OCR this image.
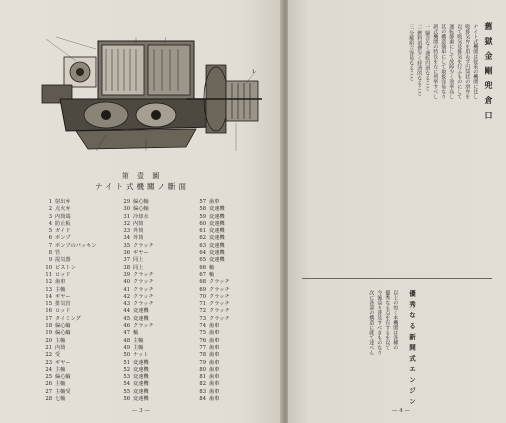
1
第 壹 圖
ナイト式機關ノ斷面
1 射出弁
2 点火弁
3 内筒端
4 防止板
5 ガイド
6 ポンプ
7 ポンプのパッキン
8 管
9 混気器
10 ピストン
11 ロッド
12 歯車
13 主軸
14 ギヤー
15 排気管
16 ロッド
17 タイミング
18 偏心輪
19 偏心輪
20 主軸
21 内筒
22 受
23 ギヤー
24 主軸
25 偏心輪
26 主軸
27 主軸受
28 七軸
29 偏心軸
30 偏心軸
31 冷却水
32 内筒
33 外筒
34 外筒
35 クラッチ
36 ギヤー
37 同上
38 同上
39 クラッチ
40 クラッチ
41 クラッチ
42 クラッチ
43 クラッチ
44 変速機
45 変速機
46 クラッチ
47 軸
48 主軸
49 主軸
50 ナット
51 変速機
52 変速機
53 変速機
54 変速機
55 変速機
56 変速機
57 歯車
58 変速機
59 変速機
60 変速機
61 変速機
62 変速機
63 変速機
64 変速機
65 変速機
66 軸
67 軸
68 クラッチ
69 クラッチ
70 クラッチ
71 クラッチ
72 クラッチ
73 クラッチ
74 歯車
75 歯車
76 歯車
77 歯車
78 歯車
79 歯車
80 歯車
81 歯車
82 歯車
83 歯車
84 歯車
— 3 —
舊 獄 金 剛 兜 倉 口
ナイト式機関は従来の機関に比し
吸排気弁を用ゐず円筒状の滑弁を
以て吸気及排気を行ふものにして
運転静粛にして故障少く効率高し
其の構造簡単にして取扱容易なり
新式機関の特長を左に列挙すべし
一 騒音なく運転円滑なること
二 燃料消費少く経済的なること
三 分解組立容易なること
優 秀 な る 新 開 式 エ ン ジ ン
以上の如く本機関は各種の
優秀なる点を有するを以て
今後益々普及すべきものなり
次に各部の構造に就て述べん
— 4 —
